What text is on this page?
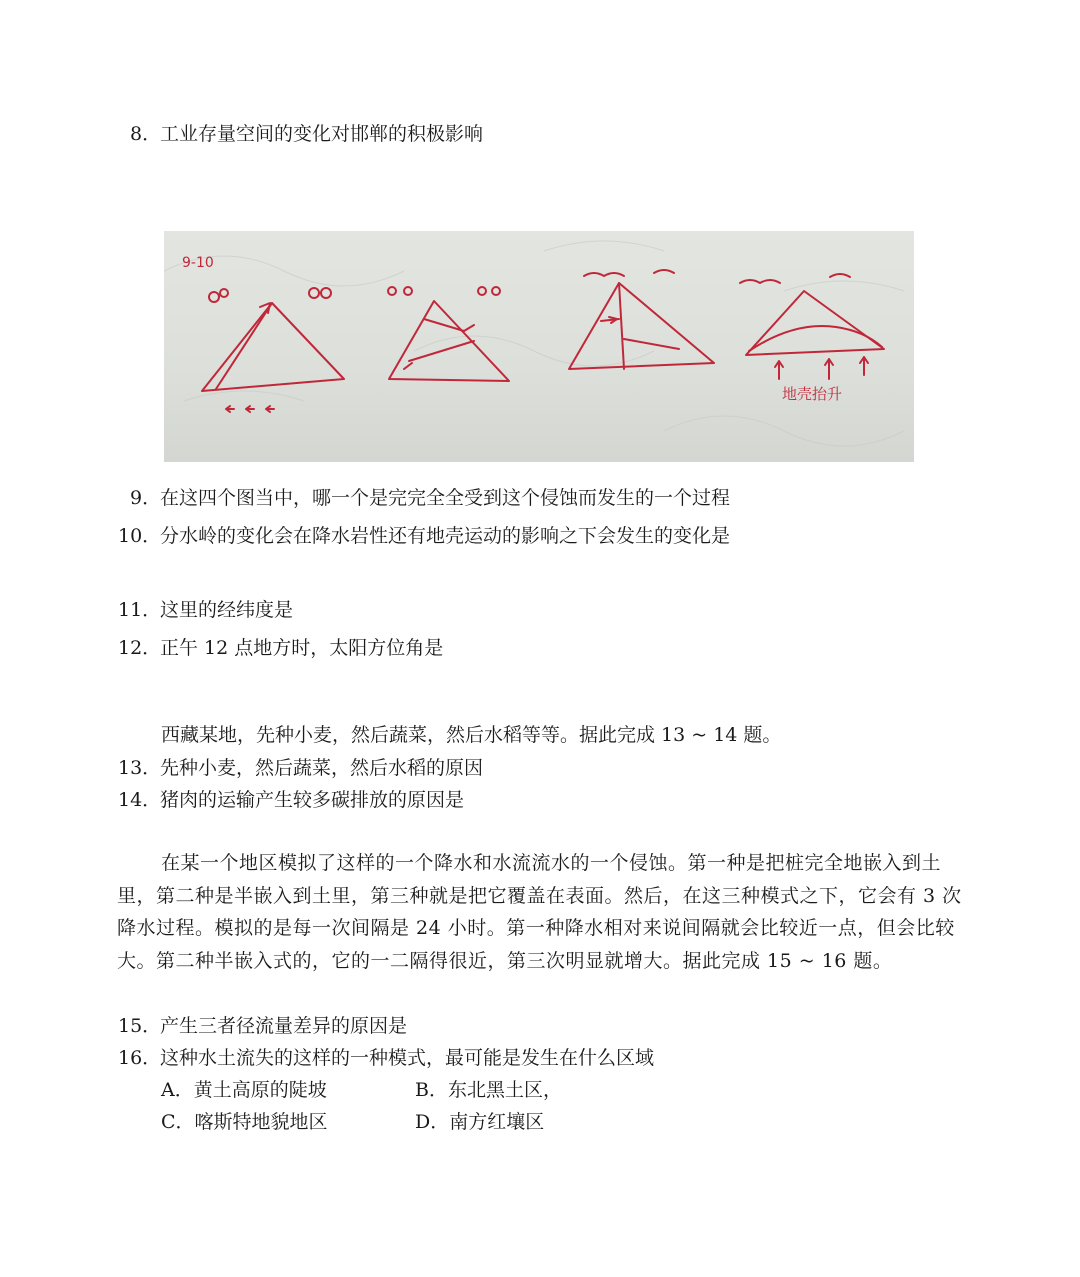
8．工业存量空间的变化对邯郸的积极影响
9-10
地壳抬升
9．在这四个图当中，哪一个是完完全全受到这个侵蚀而发生的一个过程
10．分水岭的变化会在降水岩性还有地壳运动的影响之下会发生的变化是
11．这里的经纬度是
12．正午 12 点地方时，太阳方位角是
西藏某地，先种小麦，然后蔬菜，然后水稻等等。据此完成 13 ~ 14 题。
13．先种小麦，然后蔬菜，然后水稻的原因
14．猪肉的运输产生较多碳排放的原因是
在某一个地区模拟了这样的一个降水和水流流水的一个侵蚀。第一种是把桩完全地嵌入到土里，第二种是半嵌入到土里，第三种就是把它覆盖在表面。然后，在这三种模式之下，它会有 3 次降水过程。模拟的是每一次间隔是 24 小时。第一种降水相对来说间隔就会比较近一点，但会比较大。第二种半嵌入式的，它的一二隔得很近，第三次明显就增大。据此完成 15 ~ 16 题。
15．产生三者径流量差异的原因是
16．这种水土流失的这样的一种模式，最可能是发生在什么区域
A．黄土高原的陡坡	B．东北黑土区，
C．喀斯特地貌地区	D．南方红壤区
